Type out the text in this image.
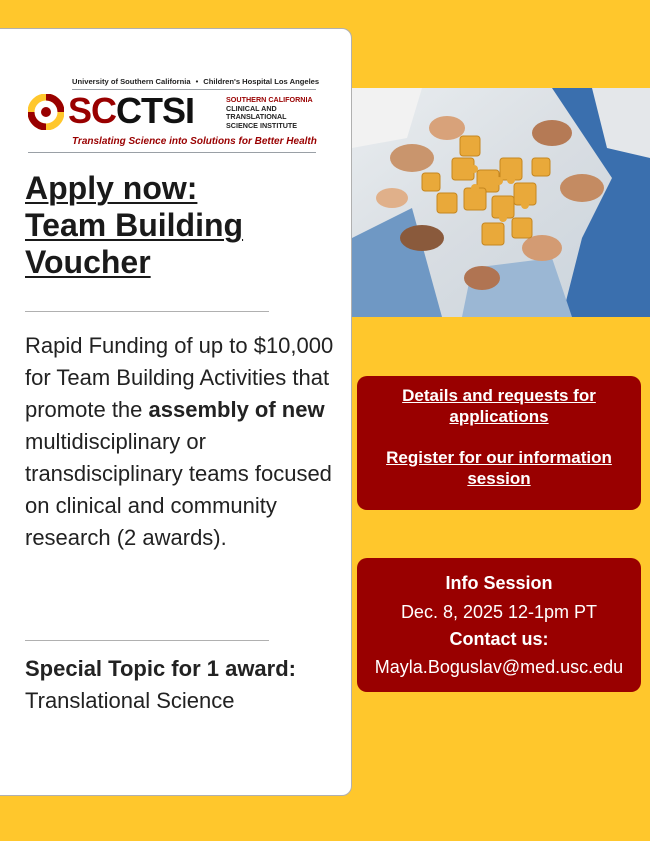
University of Southern California • Children's Hospital Los Angeles
SCCTSI	SOUTHERN CALIFORNIA
CLINICAL AND
TRANSLATIONAL
SCIENCE INSTITUTE
Translating Science into Solutions for Better Health
Apply now:
Team Building
Voucher
Rapid Funding of up to $10,000 for Team Building Activities that promote the assembly of new multidisciplinary or transdisciplinary teams focused on clinical and community research (2 awards).
Special Topic for 1 award: Translational Science
Details and requests for applications
Register for our information session
Info Session
Dec. 8, 2025 12-1pm PT
Contact us:
Mayla.Boguslav@med.usc.edu
